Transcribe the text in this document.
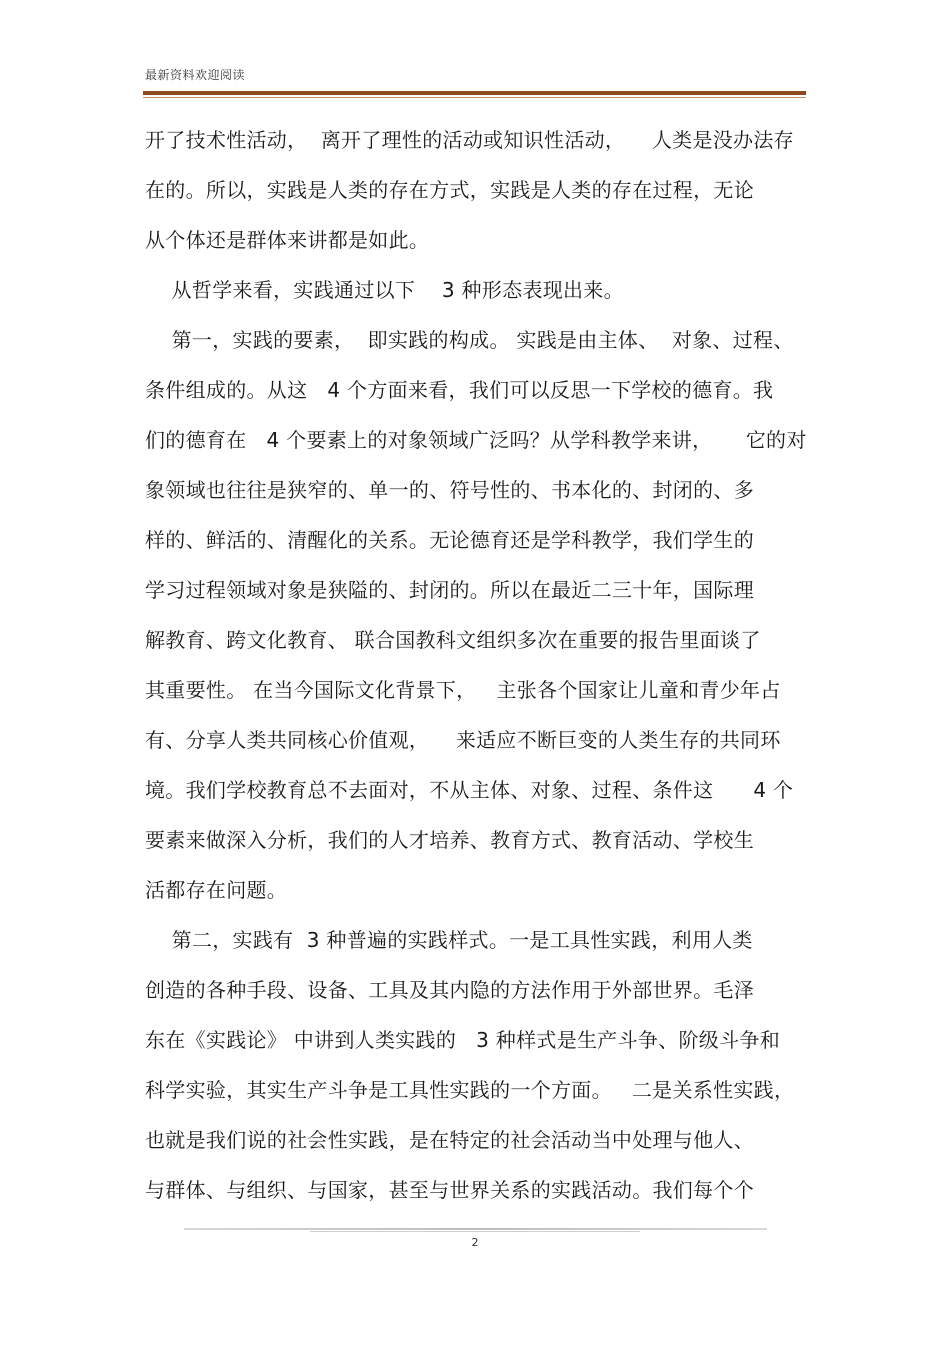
最新资料欢迎阅读
开了技术性活动，  离开了理性的活动或知识性活动，    人类是没办法存
在的。所以，实践是人类的存在方式，实践是人类的存在过程，无论
从个体还是群体来讲都是如此。
从哲学来看，实践通过以下    3 种形态表现出来。
第一，实践的要素，  即实践的构成。 实践是由主体、  对象、过程、
条件组成的。从这   4 个方面来看，我们可以反思一下学校的德育。我
们的德育在   4 个要素上的对象领域广泛吗？从学科教学来讲，     它的对
象领域也往往是狭窄的、单一的、符号性的、书本化的、封闭的、多
样的、鲜活的、清醒化的关系。无论德育还是学科教学，我们学生的
学习过程领域对象是狭隘的、封闭的。所以在最近二三十年，国际理
解教育、跨文化教育、 联合国教科文组织多次在重要的报告里面谈了
其重要性。 在当今国际文化背景下，   主张各个国家让儿童和青少年占
有、分享人类共同核心价值观，    来适应不断巨变的人类生存的共同环
境。我们学校教育总不去面对，不从主体、对象、过程、条件这      4 个
要素来做深入分析，我们的人才培养、教育方式、教育活动、学校生
活都存在问题。
第二，实践有  3 种普遍的实践样式。一是工具性实践，利用人类
创造的各种手段、设备、工具及其内隐的方法作用于外部世界。毛泽
东在《实践论》 中讲到人类实践的   3 种样式是生产斗争、阶级斗争和
科学实验，其实生产斗争是工具性实践的一个方面。   二是关系性实践，
也就是我们说的社会性实践，是在特定的社会活动当中处理与他人、
与群体、与组织、与国家，甚至与世界关系的实践活动。我们每个个
2
